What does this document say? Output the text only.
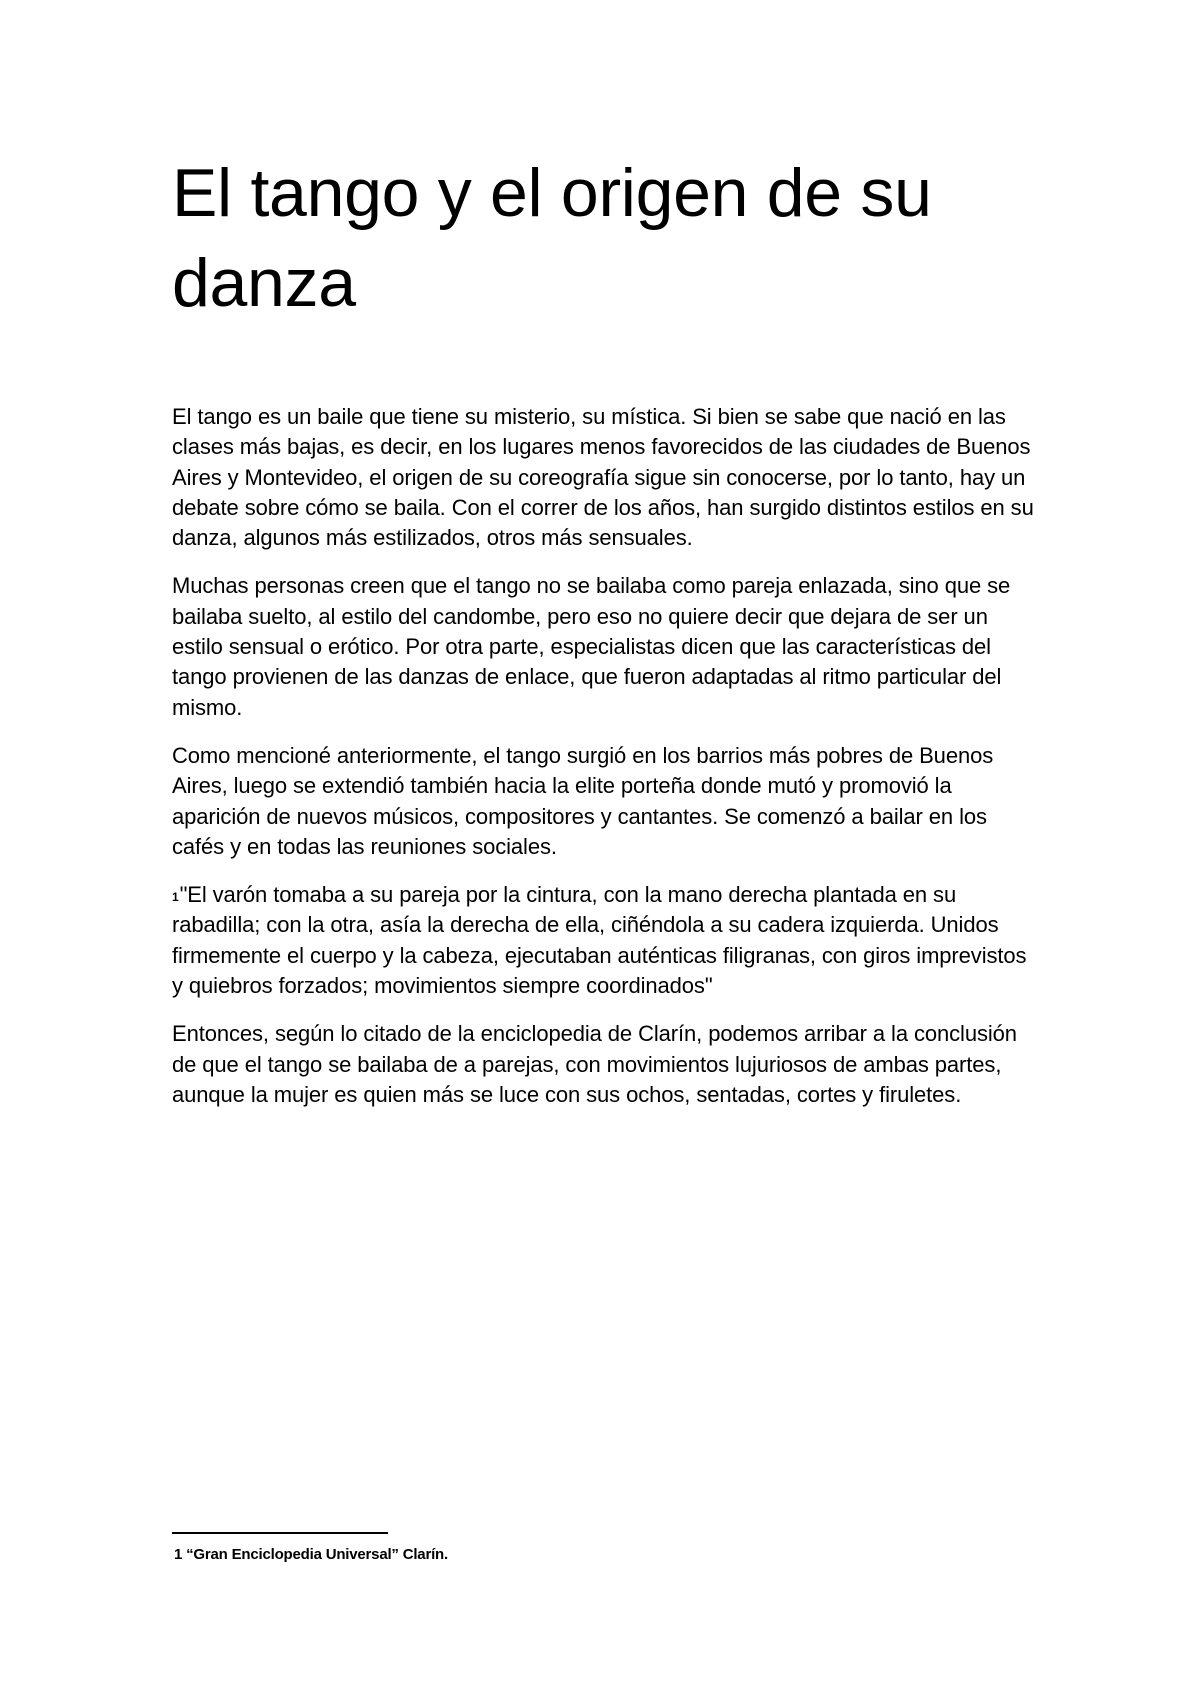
El tango y el origen de su danza

El tango es un baile que tiene su misterio, su mística. Si bien se sabe que nació en las clases más bajas, es decir, en los lugares menos favorecidos de las ciudades de Buenos Aires y Montevideo, el origen de su coreografía sigue sin conocerse, por lo tanto, hay un debate sobre cómo se baila. Con el correr de los años, han surgido distintos estilos en su danza, algunos más estilizados, otros más sensuales.

Muchas personas creen que el tango no se bailaba como pareja enlazada, sino que se bailaba suelto, al estilo del candombe, pero eso no quiere decir que dejara de ser un estilo sensual o erótico. Por otra parte, especialistas dicen que las características del tango provienen de las danzas de enlace, que fueron adaptadas al ritmo particular del mismo.

Como mencioné anteriormente, el tango surgió en los barrios más pobres de Buenos Aires, luego se extendió también hacia la elite porteña donde mutó y promovió la aparición de nuevos músicos, compositores y cantantes. Se comenzó a bailar en los cafés y en todas las reuniones sociales.

$^1$"El varón tomaba a su pareja por la cintura, con la mano derecha plantada en su rabadilla; con la otra, asía la derecha de ella, ciñéndola a su cadera izquierda. Unidos firmemente el cuerpo y la cabeza, ejecutaban auténticas filigranas, con giros imprevistos y quiebros forzados; movimientos siempre coordinados"

Entonces, según lo citado de la enciclopedia de Clarín, podemos arribar a la conclusión de que el tango se bailaba de a parejas, con movimientos lujuriosos de ambas partes, aunque la mujer es quien más se luce con sus ochos, sentadas, cortes y firuletes.

1 “Gran Enciclopedia Universal” Clarín.
